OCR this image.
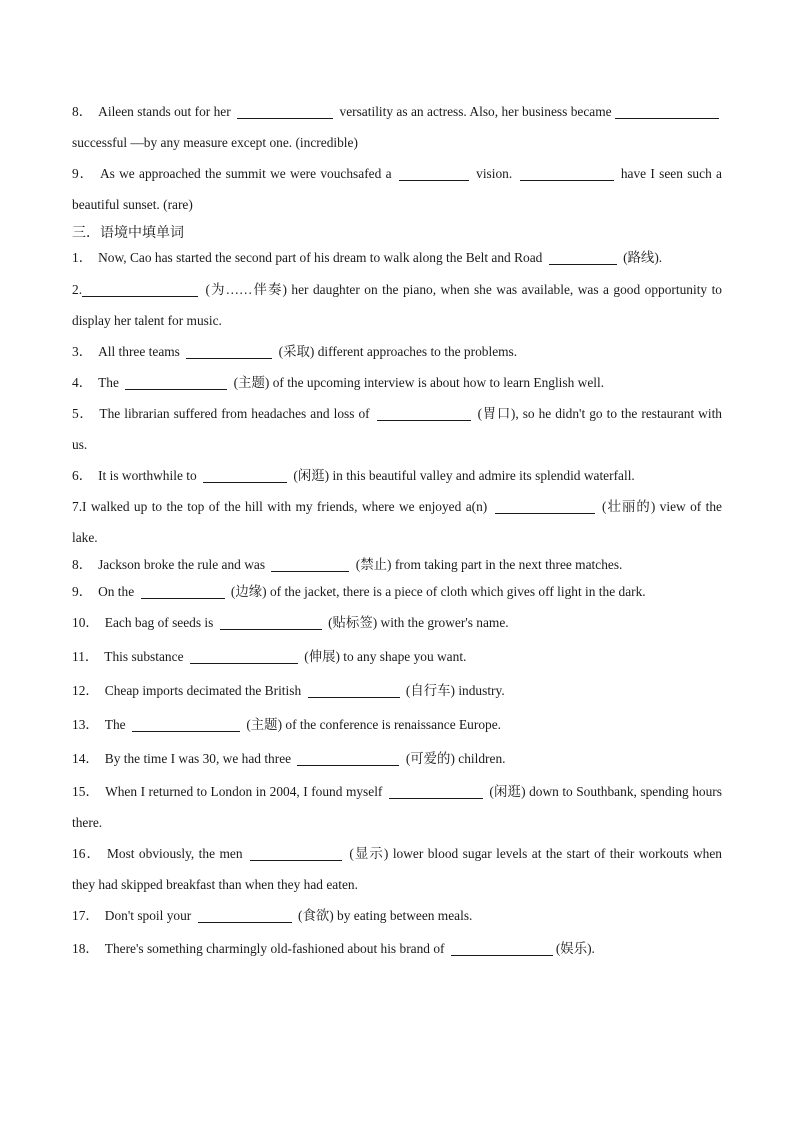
8． Aileen stands out for her	versatility as an actress. Also, her business became  successful —by any measure except one. (incredible)

9． As we approached the summit we were vouchsafed a	vision.	have I seen such a beautiful sunset. (rare)

三．语境中填单词

1． Now, Cao has started the second part of his dream to walk along the Belt and Road	(路线).

2.	(为……伴奏) her daughter on the piano, when she was available, was a good opportunity to display her talent for music.

3． All three teams	(采取) different approaches to the problems.

4． The	(主题) of the upcoming interview is about how to learn English well.

5． The librarian suffered from headaches and loss of	(胃口), so he didn't go to the restaurant with us.

6． It is worthwhile to	(闲逛) in this beautiful valley and admire its splendid waterfall.

7.I walked up to the top of the hill with my friends, where we enjoyed a(n)	(壮丽的) view of the lake.

8． Jackson broke the rule and was	(禁止) from taking part in the next three matches.

9． On the	(边缘) of the jacket, there is a piece of cloth which gives off light in the dark.

10． Each bag of seeds is	(贴标签) with the grower's name.

11． This substance	(伸展) to any shape you want.

12． Cheap imports decimated the British	(自行车) industry.

13． The	(主题) of the conference is renaissance Europe.

14． By the time I was 30, we had three	(可爱的) children.

15． When I returned to London in 2004, I found myself	(闲逛) down to Southbank, spending hours there.

16． Most obviously, the men	(显示) lower blood sugar levels at the start of their workouts when they had skipped breakfast than when they had eaten.

17． Don't spoil your	(食欲) by eating between meals.

18． There's something charmingly old-fashioned about his brand of	(娱乐).
